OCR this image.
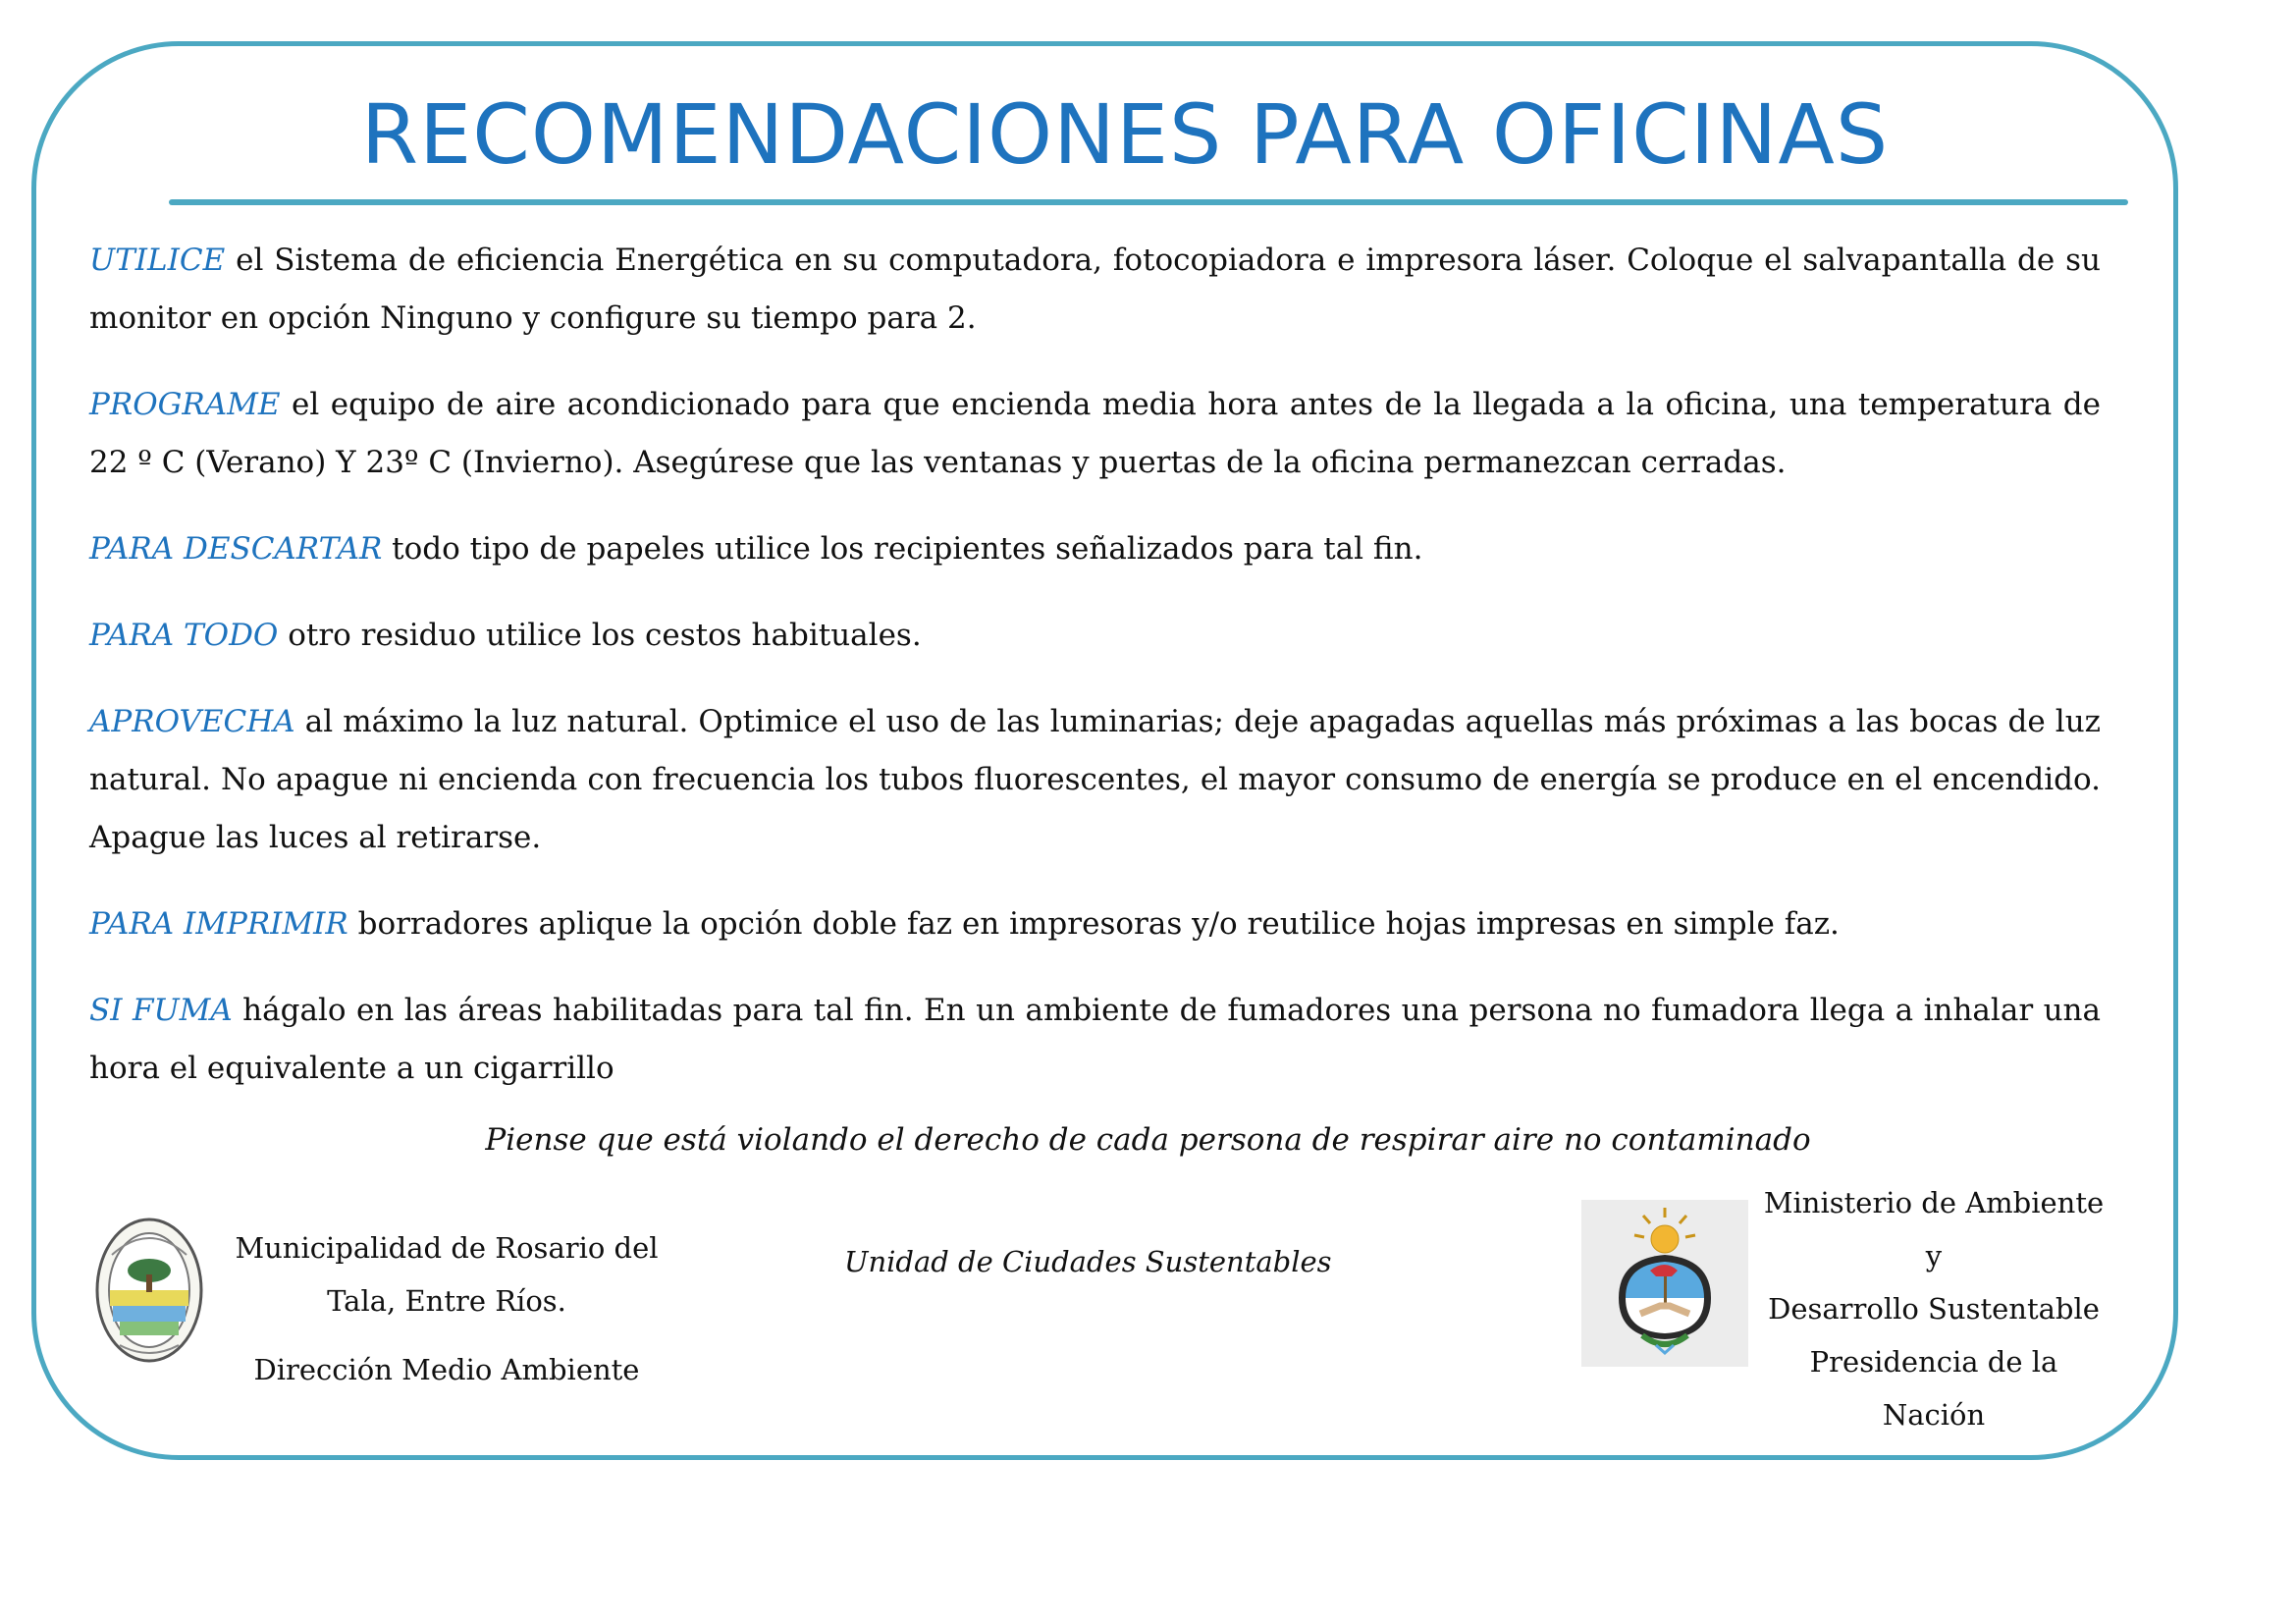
RECOMENDACIONES PARA OFICINAS

UTILICE el Sistema de eficiencia Energética en su computadora, fotocopiadora e impresora láser. Coloque el salvapantalla de su monitor en opción Ninguno y configure su tiempo para 2.

PROGRAME el equipo de aire acondicionado para que encienda media hora antes de la llegada a la oficina, una temperatura de 22 º C (Verano) Y 23º C (Invierno). Asegúrese que las ventanas y puertas de la oficina permanezcan cerradas.

PARA DESCARTAR todo tipo de papeles utilice los recipientes señalizados para tal fin.

PARA TODO otro residuo utilice los cestos habituales.

APROVECHA al máximo la luz natural. Optimice el uso de las luminarias; deje apagadas aquellas más próximas a las bocas de luz natural. No apague ni encienda con frecuencia los tubos fluorescentes, el mayor consumo de energía se produce en el encendido. Apague las luces al retirarse.

PARA IMPRIMIR borradores aplique la opción doble faz en impresoras y/o reutilice hojas impresas en simple faz.

SI FUMA hágalo en las áreas habilitadas para tal fin. En un ambiente de fumadores una persona no fumadora llega a inhalar una hora el equivalente a un cigarrillo

Piense que está violando el derecho de cada persona de respirar aire no contaminado
Municipalidad de Rosario del
Tala, Entre Ríos.
Dirección Medio Ambiente
Unidad de Ciudades Sustentables
Ministerio de Ambiente y
Desarrollo Sustentable
Presidencia de la Nación
